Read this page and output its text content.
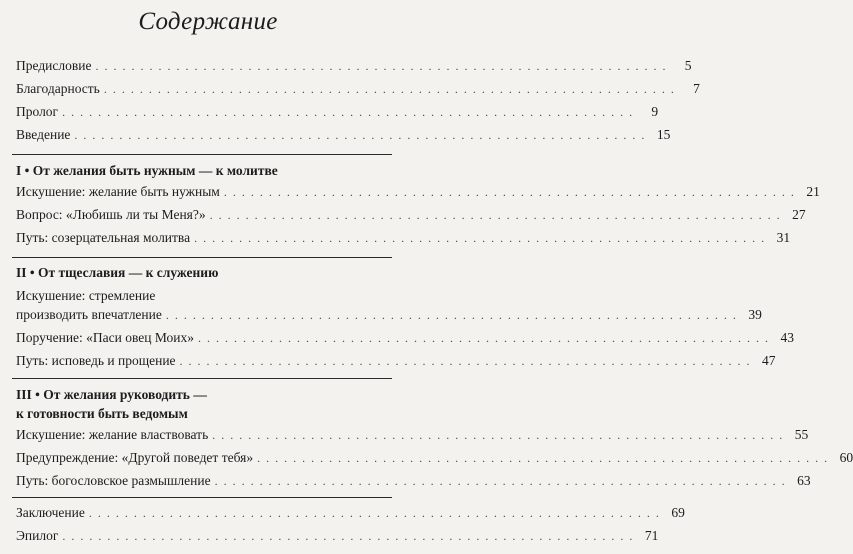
Содержание
Предисловие ................................................................ 5
Благодарность ................................................................ 7
Пролог ................................................................ 9
Введение ................................................................ 15
I • От желания быть нужным — к молитве
Искушение: желание быть нужным ................................................................ 21
Вопрос: «Любишь ли ты Меня?» ................................................................ 27
Путь: созерцательная молитва ................................................................ 31
II • От тщеславия — к служению
Искушение: стремление
производить впечатление ................................................................ 39
Поручение: «Паси овец Моих» ................................................................ 43
Путь: исповедь и прощение ................................................................ 47
III • От желания руководить —
к готовности быть ведомым
Искушение: желание властвовать ................................................................ 55
Предупреждение: «Другой поведет тебя» ................................................................ 60
Путь: богословское размышление ................................................................ 63
Заключение ................................................................ 69
Эпилог ................................................................ 71
